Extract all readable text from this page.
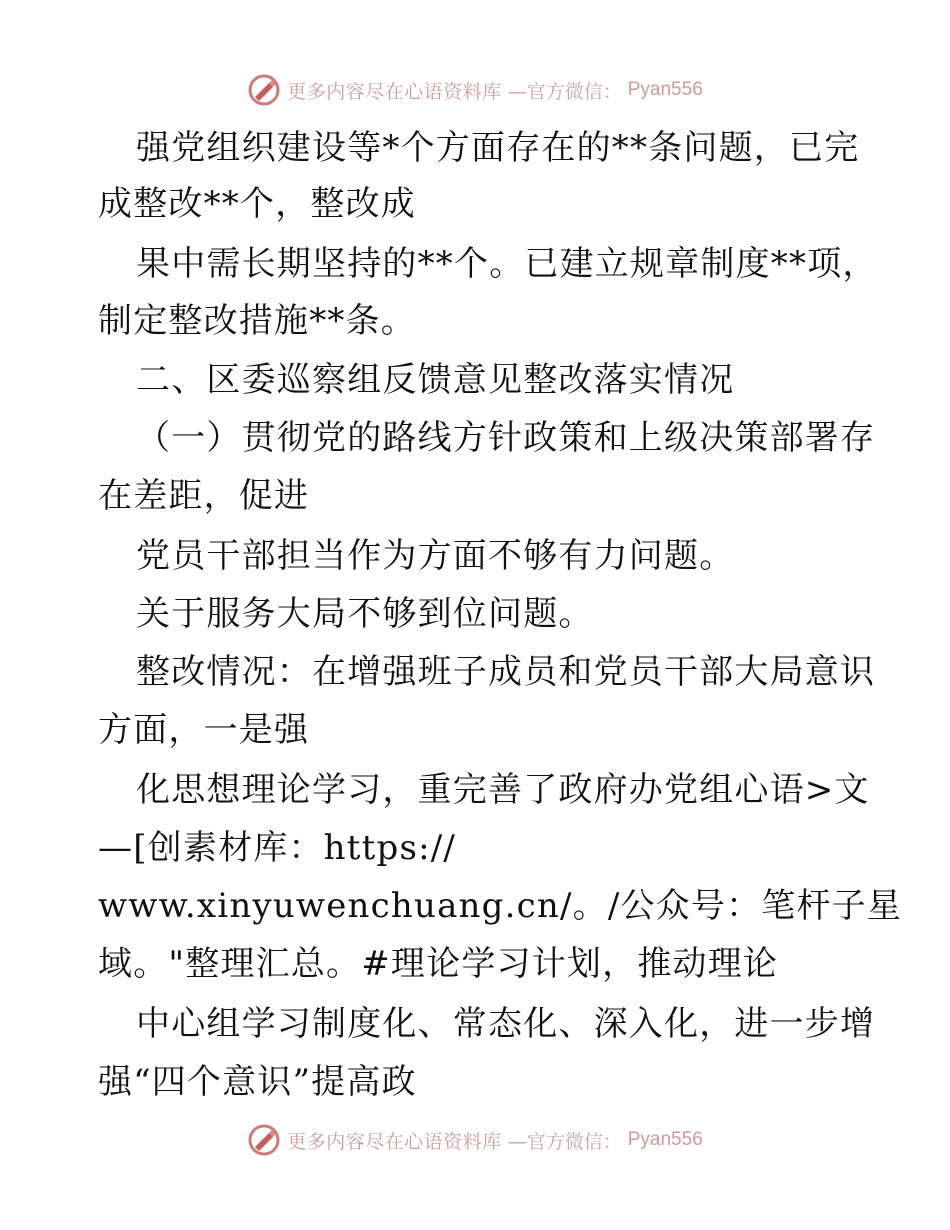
更多内容尽在心语资料库 —官方微信： Pyan556
强党组织建设等*个方面存在的**条问题，已完
成整改**个，整改成
果中需长期坚持的**个。已建立规章制度**项，
制定整改措施**条。
二、区委巡察组反馈意见整改落实情况
（一）贯彻党的路线方针政策和上级决策部署存
在差距，促进
党员干部担当作为方面不够有力问题。
关于服务大局不够到位问题。
整改情况：在增强班子成员和党员干部大局意识
方面，一是强
化思想理论学习，重完善了政府办党组心语>文
—[创素材库：https://
www.xinyuwenchuang.cn/。/公众号：笔杆子星
域。"整理汇总。#理论学习计划，推动理论
中心组学习制度化、常态化、深入化，进一步增
强“四个意识”提高政
更多内容尽在心语资料库 —官方微信： Pyan556
